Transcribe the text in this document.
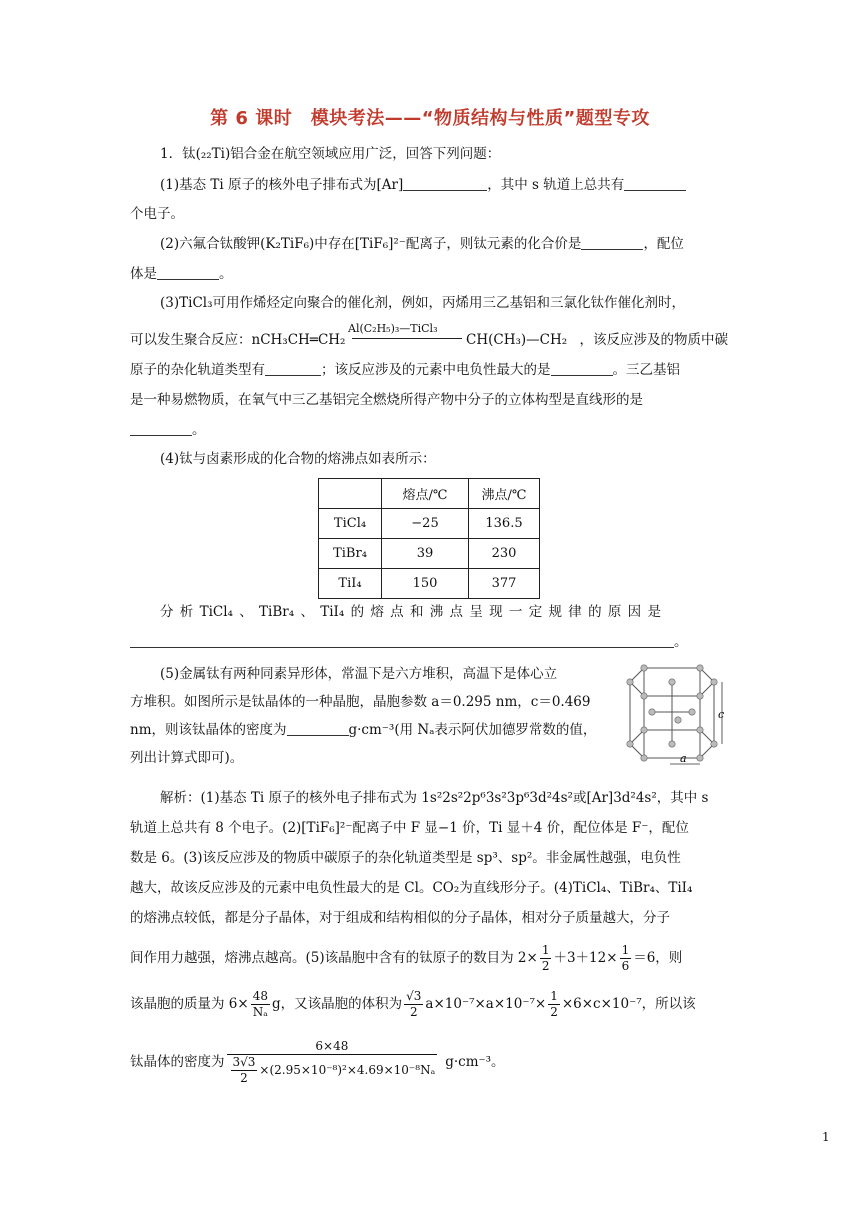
第 6 课时　模块考法——“物质结构与性质”题型专攻
1．钛(₂₂Ti)铝合金在航空领域应用广泛，回答下列问题：
(1)基态 Ti 原子的核外电子排布式为[Ar]	，其中 s 轨道上总共有
个电子。
(2)六氟合钛酸钾(K₂TiF₆)中存在[TiF₆]²⁻配离子，则钛元素的化合价是	，配位
体是	。
(3)TiCl₃可用作烯烃定向聚合的催化剂，例如，丙烯用三乙基铝和三氯化钛作催化剂时，
可以发生聚合反应：nCH₃CH═CH₂
Al(C₂H₅)₃—TiCl₃
CH(CH₃)—CH₂ ，该反应涉及的物质中碳
原子的杂化轨道类型有	；该反应涉及的元素中电负性最大的是	。三乙基铝
是一种易燃物质，在氧气中三乙基铝完全燃烧所得产物中分子的立体构型是直线形的是
。
(4)钛与卤素形成的化合物的熔沸点如表所示：
	熔点/℃	沸点/℃
TiCl₄	−25	136.5
TiBr₄	39	230
TiI₄	150	377
分 析 TiCl₄ 、 TiBr₄ 、 TiI₄ 的 熔 点 和 沸 点 呈 现 一 定 规 律 的 原 因 是
。
(5)金属钛有两种同素异形体，常温下是六方堆积，高温下是体心立
方堆积。如图所示是钛晶体的一种晶胞，晶胞参数 a＝0.295 nm，c＝0.469
nm，则该钛晶体的密度为	g·cm⁻³(用 Nₐ表示阿伏加德罗常数的值，
列出计算式即可)。
c
a
解析：(1)基态 Ti 原子的核外电子排布式为 1s²2s²2p⁶3s²3p⁶3d²4s²或[Ar]3d²4s²，其中 s
轨道上总共有 8 个电子。(2)[TiF₆]²⁻配离子中 F 显−1 价，Ti 显＋4 价，配位体是 F⁻，配位
数是 6。(3)该反应涉及的物质中碳原子的杂化轨道类型是 sp³、sp²。非金属性越强，电负性
越大，故该反应涉及的元素中电负性最大的是 Cl。CO₂为直线形分子。(4)TiCl₄、TiBr₄、TiI₄
的熔沸点较低，都是分子晶体，对于组成和结构相似的分子晶体，相对分子质量越大，分子
间作用力越强，熔沸点越高。(5)该晶胞中含有的钛原子的数目为 $2\times \frac{1}{2} +3+12\times \frac{1}{6} =6$，则
该晶胞的质量为 $6\times \frac{48}{\text{Nₐ}}$ g，又该晶胞的体积为 $\frac{√3}{2} a\times 10^{-7}\times a\times 10^{-7}\times \frac{1}{2} \times 6\times c\times 10^{-7}$，所以该
钛晶体的密度为 $\frac{6\times 48}{\frac{3√3}{2} \times(2.95\times 10^{-8})^2\times 4.69\times 10^{-8}N_a} g\cdot cm^{-3}$。
1
